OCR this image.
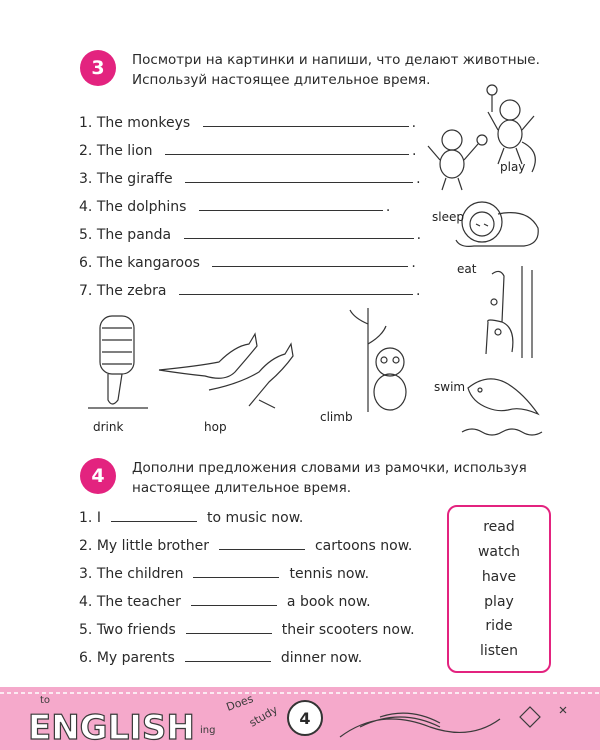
3	Посмотри на картинки и напиши, что делают животные.
Используй настоящее длительное время.
1. The monkeys	.
2. The lion	.
3. The giraffe	.
4. The dolphins	.
5. The panda	.
6. The kangaroos	.
7. The zebra	.
play
sleep
eat
swim
drink	hop
climb
4	Дополни предложения словами из рамочки, используя
настоящее длительное время.
1. I	to music now.
2. My little brother	cartoons now.
3. The children	tennis now.
4. The teacher	a book now.
5. Two friends	their scooters now.
6. My parents	dinner now.
read
watch
have
play
ride
listen
ENGLISH
Does
study
ing
to
4
